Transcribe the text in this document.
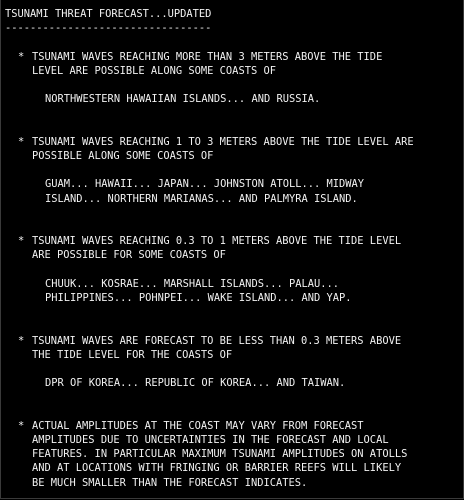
TSUNAMI THREAT FORECAST...UPDATED
---------------------------------
* TSUNAMI WAVES REACHING MORE THAN 3 METERS ABOVE THE TIDE
LEVEL ARE POSSIBLE ALONG SOME COASTS OF
NORTHWESTERN HAWAIIAN ISLANDS... AND RUSSIA.
* TSUNAMI WAVES REACHING 1 TO 3 METERS ABOVE THE TIDE LEVEL ARE
POSSIBLE ALONG SOME COASTS OF
GUAM... HAWAII... JAPAN... JOHNSTON ATOLL... MIDWAY
ISLAND... NORTHERN MARIANAS... AND PALMYRA ISLAND.
* TSUNAMI WAVES REACHING 0.3 TO 1 METERS ABOVE THE TIDE LEVEL
ARE POSSIBLE FOR SOME COASTS OF
CHUUK... KOSRAE... MARSHALL ISLANDS... PALAU...
PHILIPPINES... POHNPEI... WAKE ISLAND... AND YAP.
* TSUNAMI WAVES ARE FORECAST TO BE LESS THAN 0.3 METERS ABOVE
THE TIDE LEVEL FOR THE COASTS OF
DPR OF KOREA... REPUBLIC OF KOREA... AND TAIWAN.
* ACTUAL AMPLITUDES AT THE COAST MAY VARY FROM FORECAST
AMPLITUDES DUE TO UNCERTAINTIES IN THE FORECAST AND LOCAL
FEATURES. IN PARTICULAR MAXIMUM TSUNAMI AMPLITUDES ON ATOLLS
AND AT LOCATIONS WITH FRINGING OR BARRIER REEFS WILL LIKELY
BE MUCH SMALLER THAN THE FORECAST INDICATES.
